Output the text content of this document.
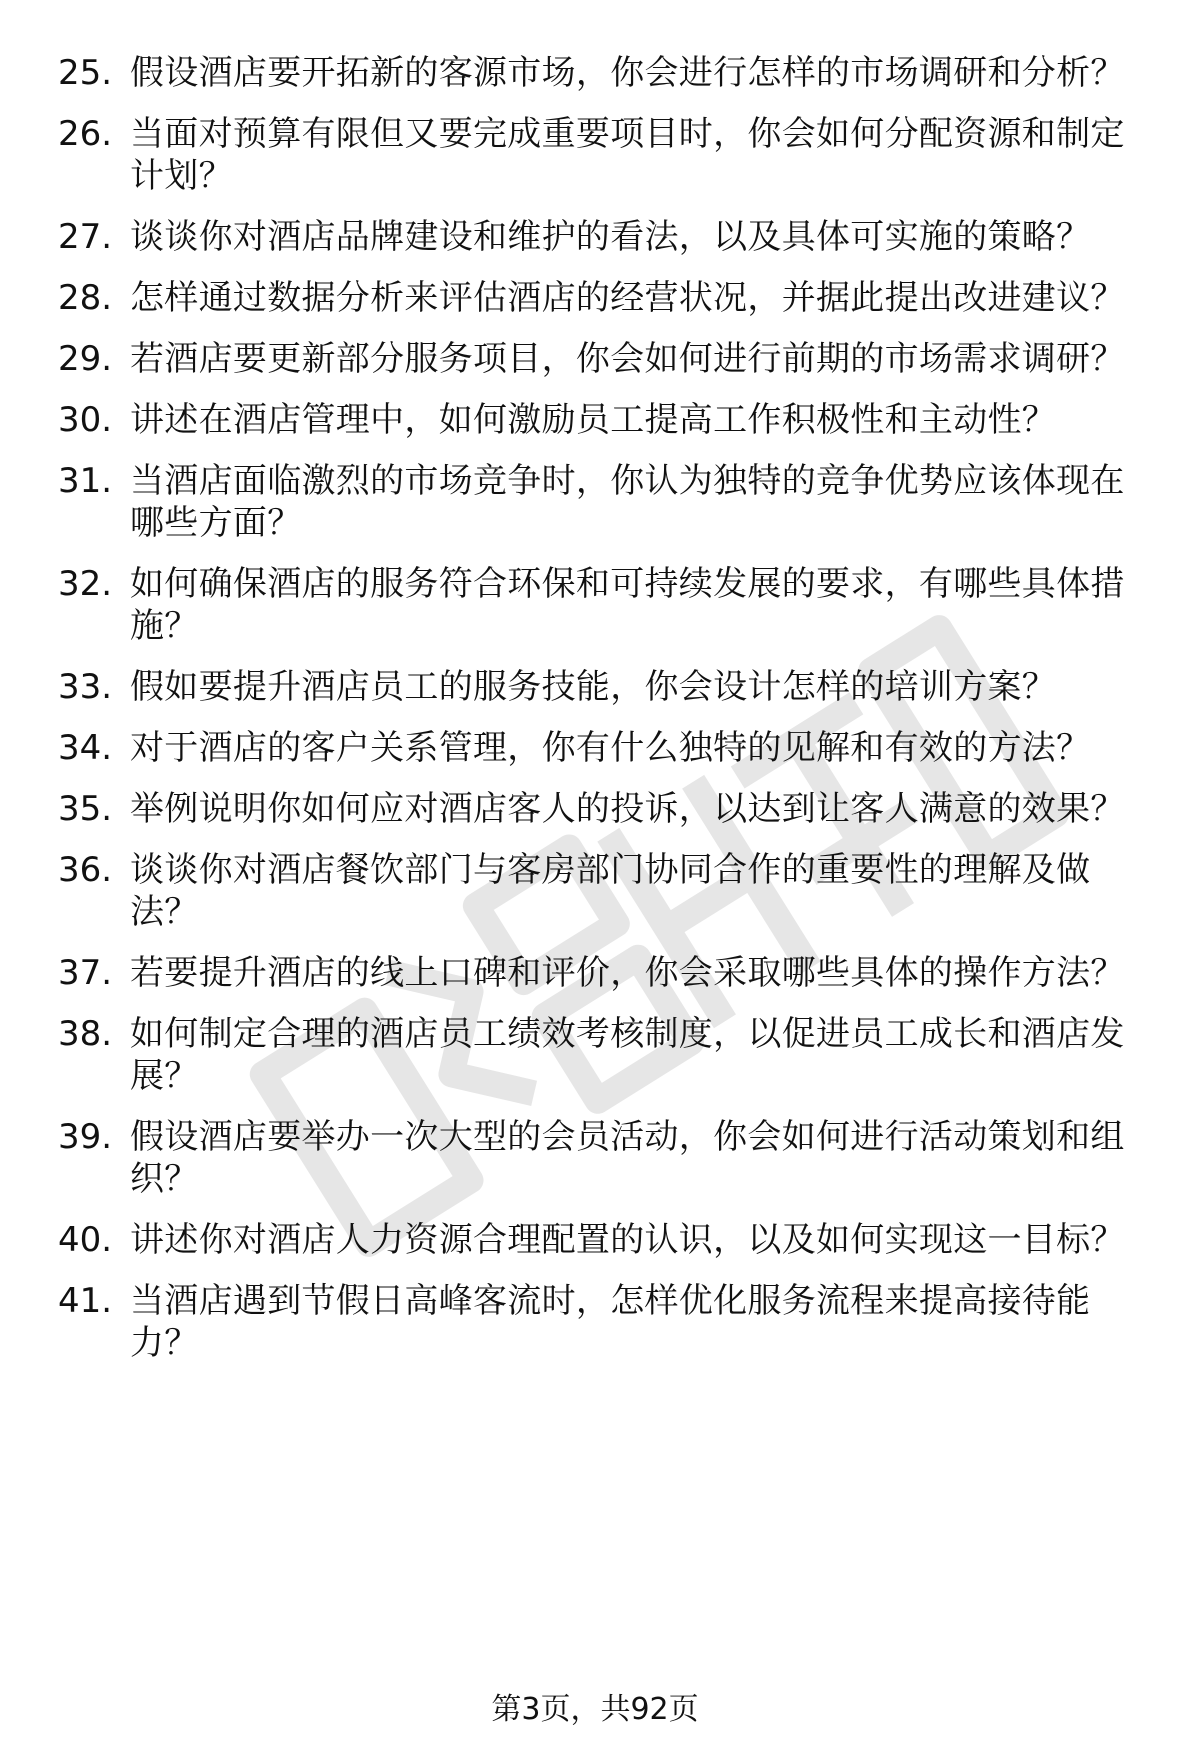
25. 假设酒店要开拓新的客源市场，你会进行怎样的市场调研和分析？
26. 当面对预算有限但又要完成重要项目时，你会如何分配资源和制定计划？
27. 谈谈你对酒店品牌建设和维护的看法，以及具体可实施的策略？
28. 怎样通过数据分析来评估酒店的经营状况，并据此提出改进建议？
29. 若酒店要更新部分服务项目，你会如何进行前期的市场需求调研？
30. 讲述在酒店管理中，如何激励员工提高工作积极性和主动性？
31. 当酒店面临激烈的市场竞争时，你认为独特的竞争优势应该体现在哪些方面？
32. 如何确保酒店的服务符合环保和可持续发展的要求，有哪些具体措施？
33. 假如要提升酒店员工的服务技能，你会设计怎样的培训方案？
34. 对于酒店的客户关系管理，你有什么独特的见解和有效的方法？
35. 举例说明你如何应对酒店客人的投诉，以达到让客人满意的效果？
36. 谈谈你对酒店餐饮部门与客房部门协同合作的重要性的理解及做法？
37. 若要提升酒店的线上口碑和评价，你会采取哪些具体的操作方法？
38. 如何制定合理的酒店员工绩效考核制度，以促进员工成长和酒店发展？
39. 假设酒店要举办一次大型的会员活动，你会如何进行活动策划和组织？
40. 讲述你对酒店人力资源合理配置的认识，以及如何实现这一目标？
41. 当酒店遇到节假日高峰客流时，怎样优化服务流程来提高接待能力？
第3页，共92页
